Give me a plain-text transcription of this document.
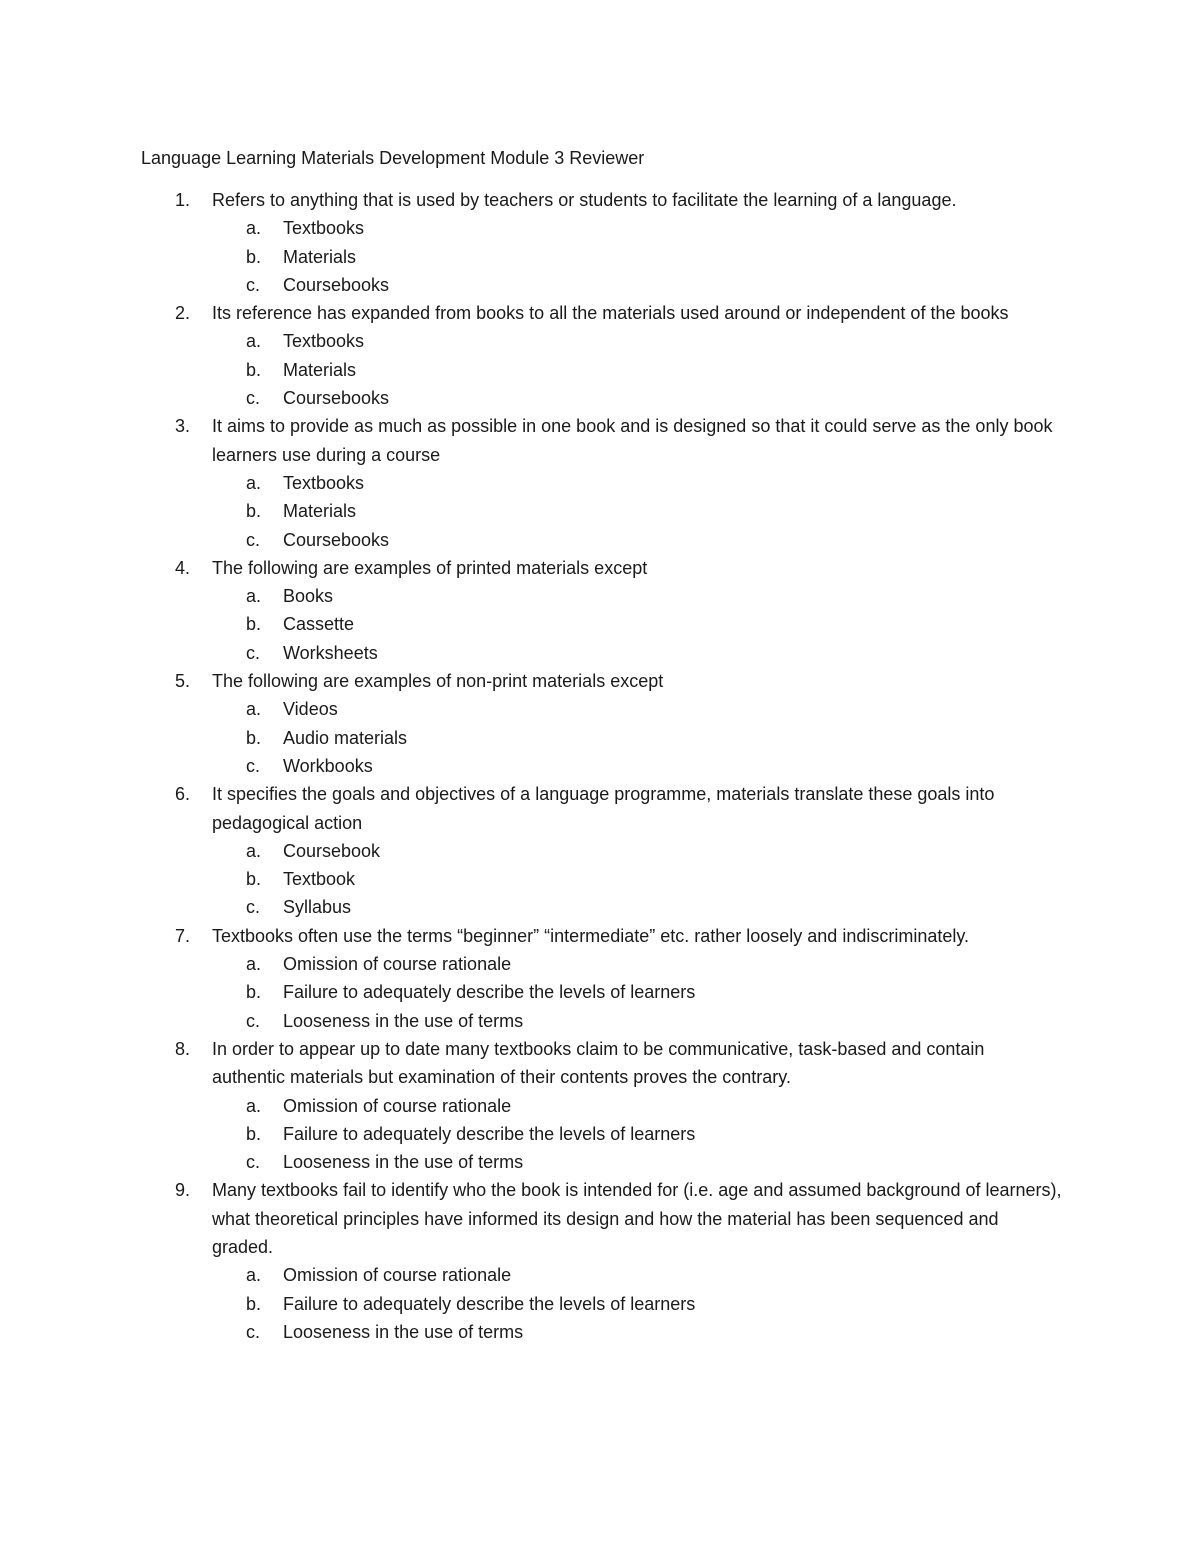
Language Learning Materials Development Module 3 Reviewer
1. Refers to anything that is used by teachers or students to facilitate the learning of a language.
a. Textbooks
b. Materials
c. Coursebooks
2. Its reference has expanded from books to all the materials used around or independent of the books
a. Textbooks
b. Materials
c. Coursebooks
3. It aims to provide as much as possible in one book and is designed so that it could serve as the only book learners use during a course
a. Textbooks
b. Materials
c. Coursebooks
4. The following are examples of printed materials except
a. Books
b. Cassette
c. Worksheets
5. The following are examples of non-print materials except
a. Videos
b. Audio materials
c. Workbooks
6. It specifies the goals and objectives of a language programme, materials translate these goals into pedagogical action
a. Coursebook
b. Textbook
c. Syllabus
7. Textbooks often use the terms “beginner” “intermediate” etc. rather loosely and indiscriminately.
a. Omission of course rationale
b. Failure to adequately describe the levels of learners
c. Looseness in the use of terms
8. In order to appear up to date many textbooks claim to be communicative, task-based and contain authentic materials but examination of their contents proves the contrary.
a. Omission of course rationale
b. Failure to adequately describe the levels of learners
c. Looseness in the use of terms
9. Many textbooks fail to identify who the book is intended for (i.e. age and assumed background of learners), what theoretical principles have informed its design and how the material has been sequenced and graded.
a. Omission of course rationale
b. Failure to adequately describe the levels of learners
c. Looseness in the use of terms
